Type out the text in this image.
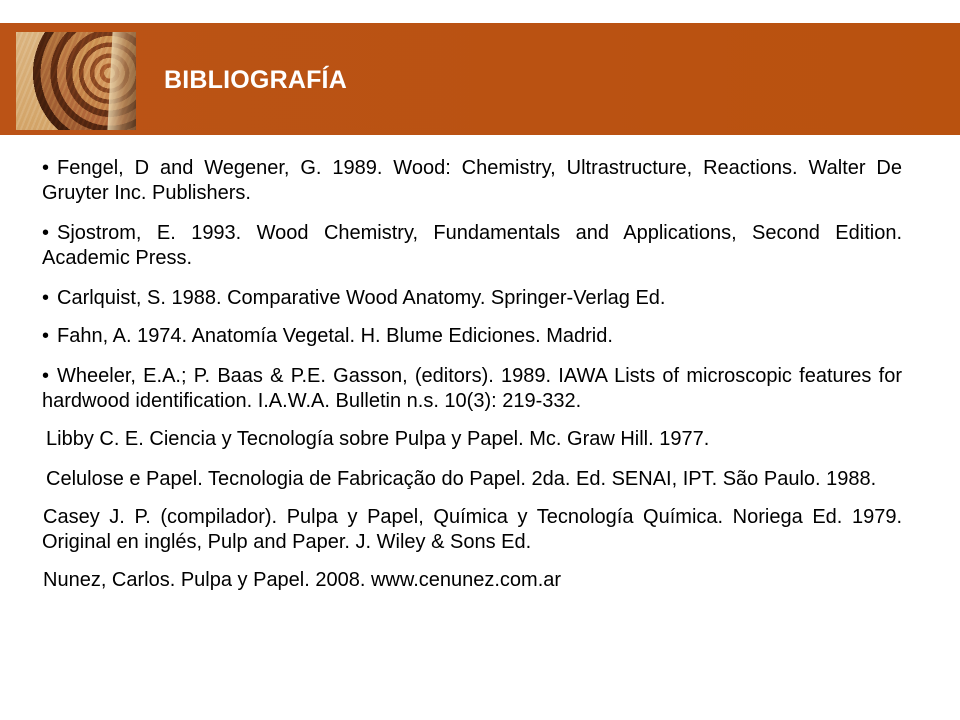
BIBLIOGRAFÍA
• Fengel, D and Wegener, G. 1989. Wood: Chemistry, Ultrastructure, Reactions. Walter De Gruyter Inc. Publishers.
• Sjostrom, E. 1993. Wood Chemistry, Fundamentals and Applications, Second Edition. Academic Press.
• Carlquist, S. 1988. Comparative Wood Anatomy. Springer-Verlag Ed.
• Fahn, A. 1974. Anatomía Vegetal. H. Blume Ediciones. Madrid.
• Wheeler, E.A.; P. Baas & P.E. Gasson, (editors). 1989. IAWA Lists of microscopic features for hardwood identification. I.A.W.A. Bulletin n.s. 10(3): 219-332.
Libby C. E. Ciencia y Tecnología sobre Pulpa y Papel. Mc. Graw Hill. 1977.
Celulose e Papel. Tecnologia de Fabricação do Papel. 2da. Ed. SENAI, IPT. São Paulo. 1988.
Casey J. P. (compilador). Pulpa y Papel, Química y Tecnología Química. Noriega Ed. 1979. Original en inglés, Pulp and Paper. J. Wiley & Sons Ed.
Nunez, Carlos. Pulpa y Papel. 2008. www.cenunez.com.ar
